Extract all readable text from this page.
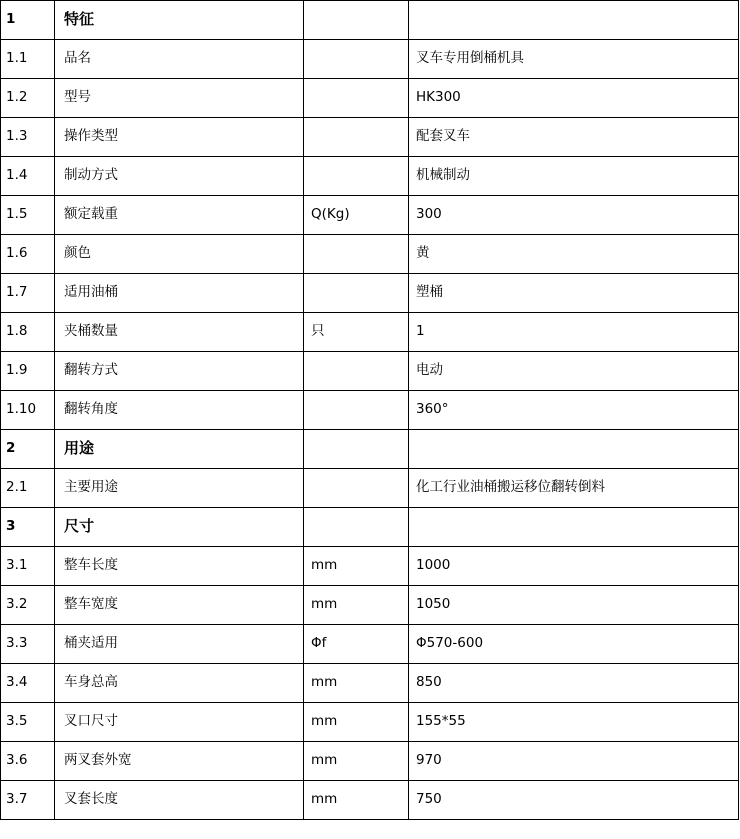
1	特征		
1.1	品名		叉车专用倒桶机具
1.2	型号		HK300
1.3	操作类型		配套叉车
1.4	制动方式		机械制动
1.5	额定载重	Q(Kg)	300
1.6	颜色		黄
1.7	适用油桶		塑桶
1.8	夹桶数量	只	1
1.9	翻转方式		电动
1.10	翻转角度		360°
2	用途		
2.1	主要用途		化工行业油桶搬运移位翻转倒料
3	尺寸		
3.1	整车长度	mm	1000
3.2	整车宽度	mm	1050
3.3	桶夹适用	Φf	Φ570-600
3.4	车身总高	mm	850
3.5	叉口尺寸	mm	155*55
3.6	两叉套外宽	mm	970
3.7	叉套长度	mm	750
